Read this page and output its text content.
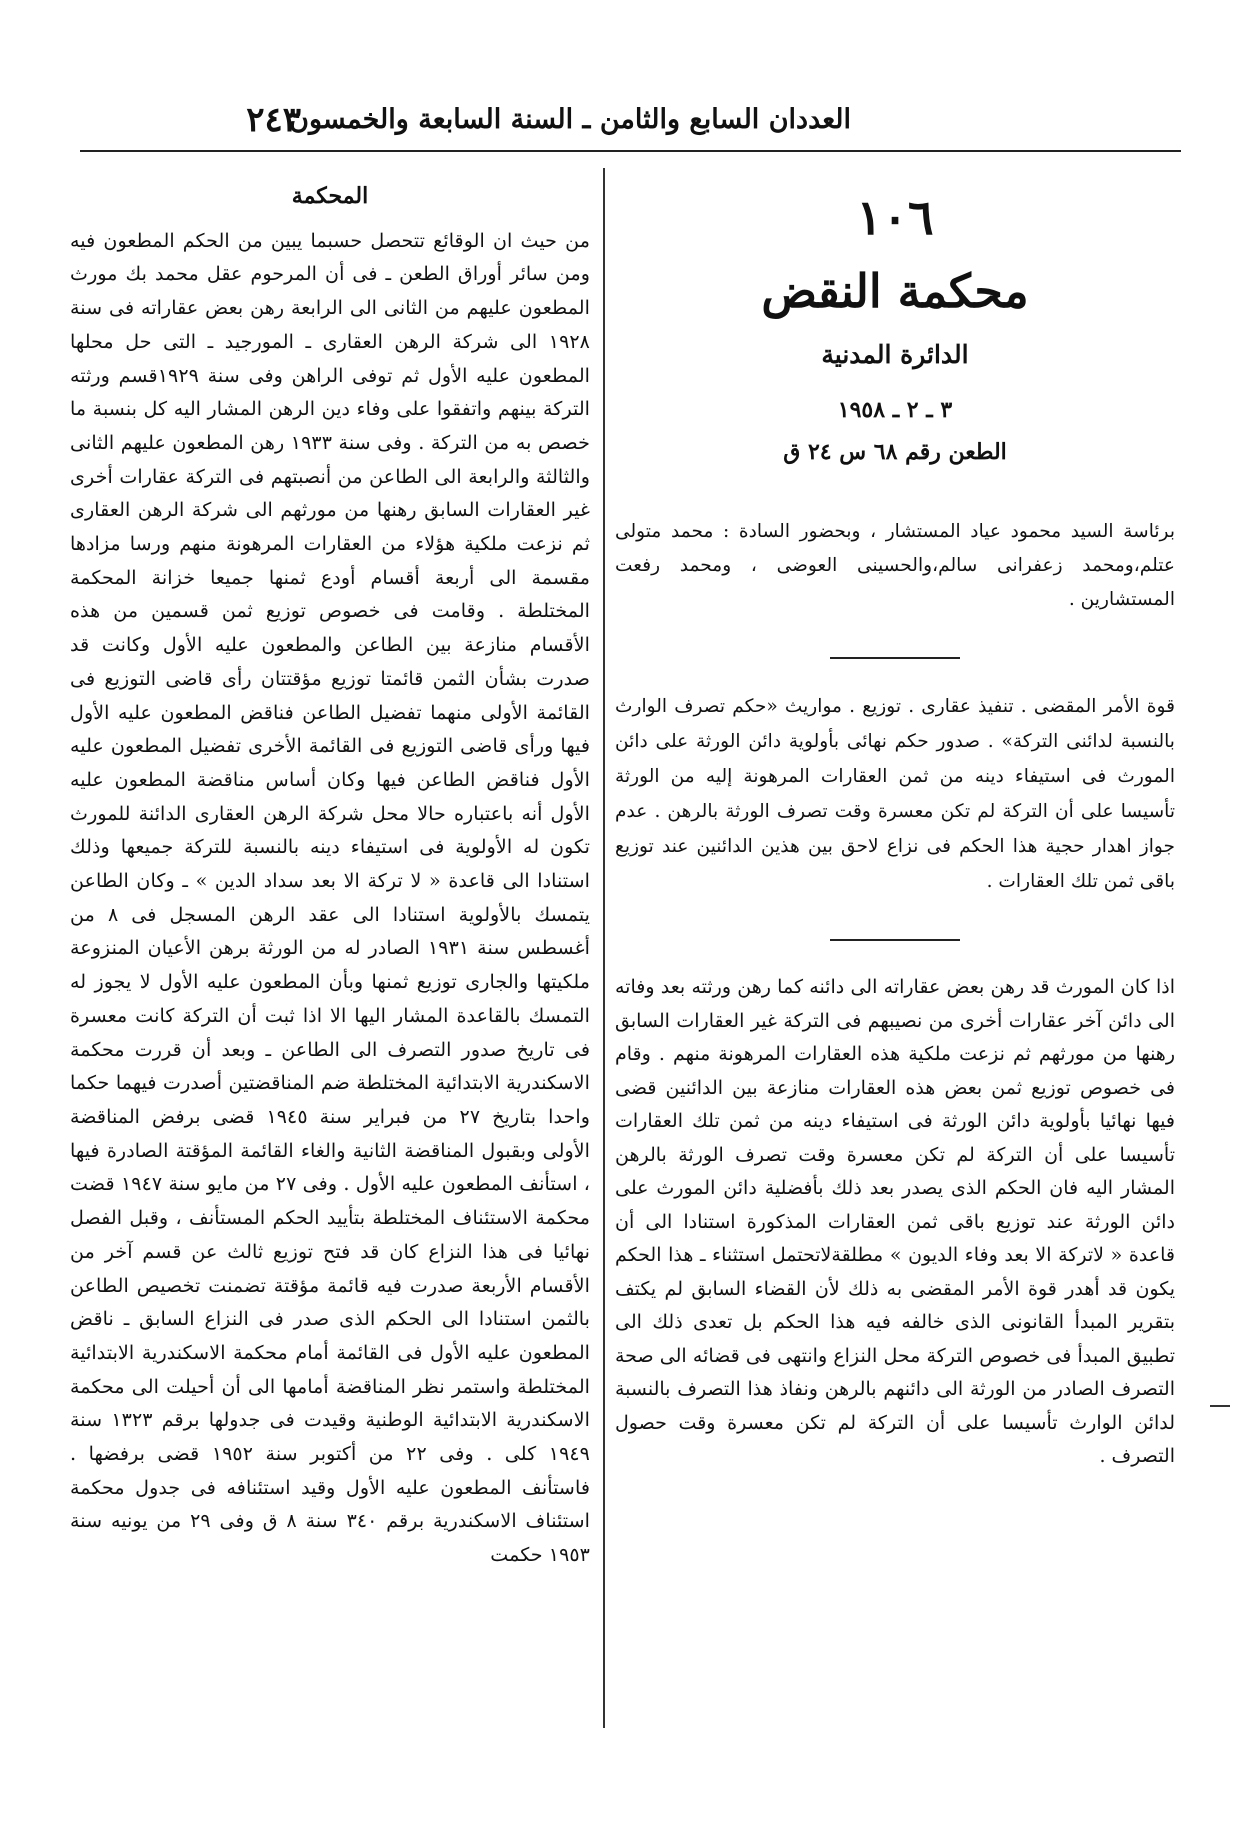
العددان السابع والثامن ـ السنة السابعة والخمسون
٢٤٣

١٠٦

محكمة النقض

الدائرة المدنية

٣ ـ ٢ ـ ١٩٥٨

الطعن رقم ٦٨ س ٢٤ ق

برئاسة السيد محمود عياد المستشار ، وبحضور السادة : محمد متولى عتلم،ومحمد زعفرانى سالم،والحسينى العوضى ، ومحمد رفعت المستشارين .

قوة الأمر المقضى . تنفيذ عقارى . توزيع . مواريث «حكم تصرف الوارث بالنسبة لدائنى التركة» . صدور حكم نهائى بأولوية دائن الورثة على دائن المورث فى استيفاء دينه من ثمن العقارات المرهونة إليه من الورثة تأسيسا على أن التركة لم تكن معسرة وقت تصرف الورثة بالرهن . عدم جواز اهدار حجية هذا الحكم فى نزاع لاحق بين هذين الدائنين عند توزيع باقى ثمن تلك العقارات .

اذا كان المورث قد رهن بعض عقاراته الى دائنه كما رهن ورثته بعد وفاته الى دائن آخر عقارات أخرى من نصيبهم فى التركة غير العقارات السابق رهنها من مورثهم ثم نزعت ملكية هذه العقارات المرهونة منهم . وقام فى خصوص توزيع ثمن بعض هذه العقارات منازعة بين الدائنين قضى فيها نهائيا بأولوية دائن الورثة فى استيفاء دينه من ثمن تلك العقارات تأسيسا على أن التركة لم تكن معسرة وقت تصرف الورثة بالرهن المشار اليه فان الحكم الذى يصدر بعد ذلك بأفضلية دائن المورث على دائن الورثة عند توزيع باقى ثمن العقارات المذكورة استنادا الى أن قاعدة « لاتركة الا بعد وفاء الديون » مطلقةلاتحتمل استثناء ـ هذا الحكم يكون قد أهدر قوة الأمر المقضى به ذلك لأن القضاء السابق لم يكتف بتقرير المبدأ القانونى الذى خالفه فيه هذا الحكم بل تعدى ذلك الى تطبيق المبدأ فى خصوص التركة محل النزاع وانتهى فى قضائه الى صحة التصرف الصادر من الورثة الى دائنهم بالرهن ونفاذ هذا التصرف بالنسبة لدائن الوارث تأسيسا على أن التركة لم تكن معسرة وقت حصول التصرف .

المحكمة

من حيث ان الوقائع تتحصل حسبما يبين من الحكم المطعون فيه ومن سائر أوراق الطعن ـ فى أن المرحوم عقل محمد بك مورث المطعون عليهم من الثانى الى الرابعة رهن بعض عقاراته فى سنة ١٩٢٨ الى شركة الرهن العقارى ـ المورجيد ـ التى حل محلها المطعون عليه الأول ثم توفى الراهن وفى سنة ١٩٢٩قسم ورثته التركة بينهم واتفقوا على وفاء دين الرهن المشار اليه كل بنسبة ما خصص به من التركة . وفى سنة ١٩٣٣ رهن المطعون عليهم الثانى والثالثة والرابعة الى الطاعن من أنصبتهم فى التركة عقارات أخرى غير العقارات السابق رهنها من مورثهم الى شركة الرهن العقارى ثم نزعت ملكية هؤلاء من العقارات المرهونة منهم ورسا مزادها مقسمة الى أربعة أقسام أودع ثمنها جميعا خزانة المحكمة المختلطة . وقامت فى خصوص توزيع ثمن قسمين من هذه الأقسام منازعة بين الطاعن والمطعون عليه الأول وكانت قد صدرت بشأن الثمن قائمتا توزيع مؤقتتان رأى قاضى التوزيع فى القائمة الأولى منهما تفضيل الطاعن فناقض المطعون عليه الأول فيها ورأى قاضى التوزيع فى القائمة الأخرى تفضيل المطعون عليه الأول فناقض الطاعن فيها وكان أساس مناقضة المطعون عليه الأول أنه باعتباره حالا محل شركة الرهن العقارى الدائنة للمورث تكون له الأولوية فى استيفاء دينه بالنسبة للتركة جميعها وذلك استنادا الى قاعدة « لا تركة الا بعد سداد الدين » ـ وكان الطاعن يتمسك بالأولوية استنادا الى عقد الرهن المسجل فى ٨ من أغسطس سنة ١٩٣١ الصادر له من الورثة برهن الأعيان المنزوعة ملكيتها والجارى توزيع ثمنها وبأن المطعون عليه الأول لا يجوز له التمسك بالقاعدة المشار اليها الا اذا ثبت أن التركة كانت معسرة فى تاريخ صدور التصرف الى الطاعن ـ وبعد أن قررت محكمة الاسكندرية الابتدائية المختلطة ضم المناقضتين أصدرت فيهما حكما واحدا بتاريخ ٢٧ من فبراير سنة ١٩٤٥ قضى برفض المناقضة الأولى وبقبول المناقضة الثانية والغاء القائمة المؤقتة الصادرة فيها ، استأنف المطعون عليه الأول . وفى ٢٧ من مايو سنة ١٩٤٧ قضت محكمة الاستئناف المختلطة بتأييد الحكم المستأنف ، وقبل الفصل نهائيا فى هذا النزاع كان قد فتح توزيع ثالث عن قسم آخر من الأقسام الأربعة صدرت فيه قائمة مؤقتة تضمنت تخصيص الطاعن بالثمن استنادا الى الحكم الذى صدر فى النزاع السابق ـ ناقض المطعون عليه الأول فى القائمة أمام محكمة الاسكندرية الابتدائية المختلطة واستمر نظر المناقضة أمامها الى أن أحيلت الى محكمة الاسكندرية الابتدائية الوطنية وقيدت فى جدولها برقم ١٣٢٣ سنة ١٩٤٩ كلى . وفى ٢٢ من أكتوبر سنة ١٩٥٢ قضى برفضها . فاستأنف المطعون عليه الأول وقيد استئنافه فى جدول محكمة استئناف الاسكندرية برقم ٣٤٠ سنة ٨ ق وفى ٢٩ من يونيه سنة ١٩٥٣ حكمت
